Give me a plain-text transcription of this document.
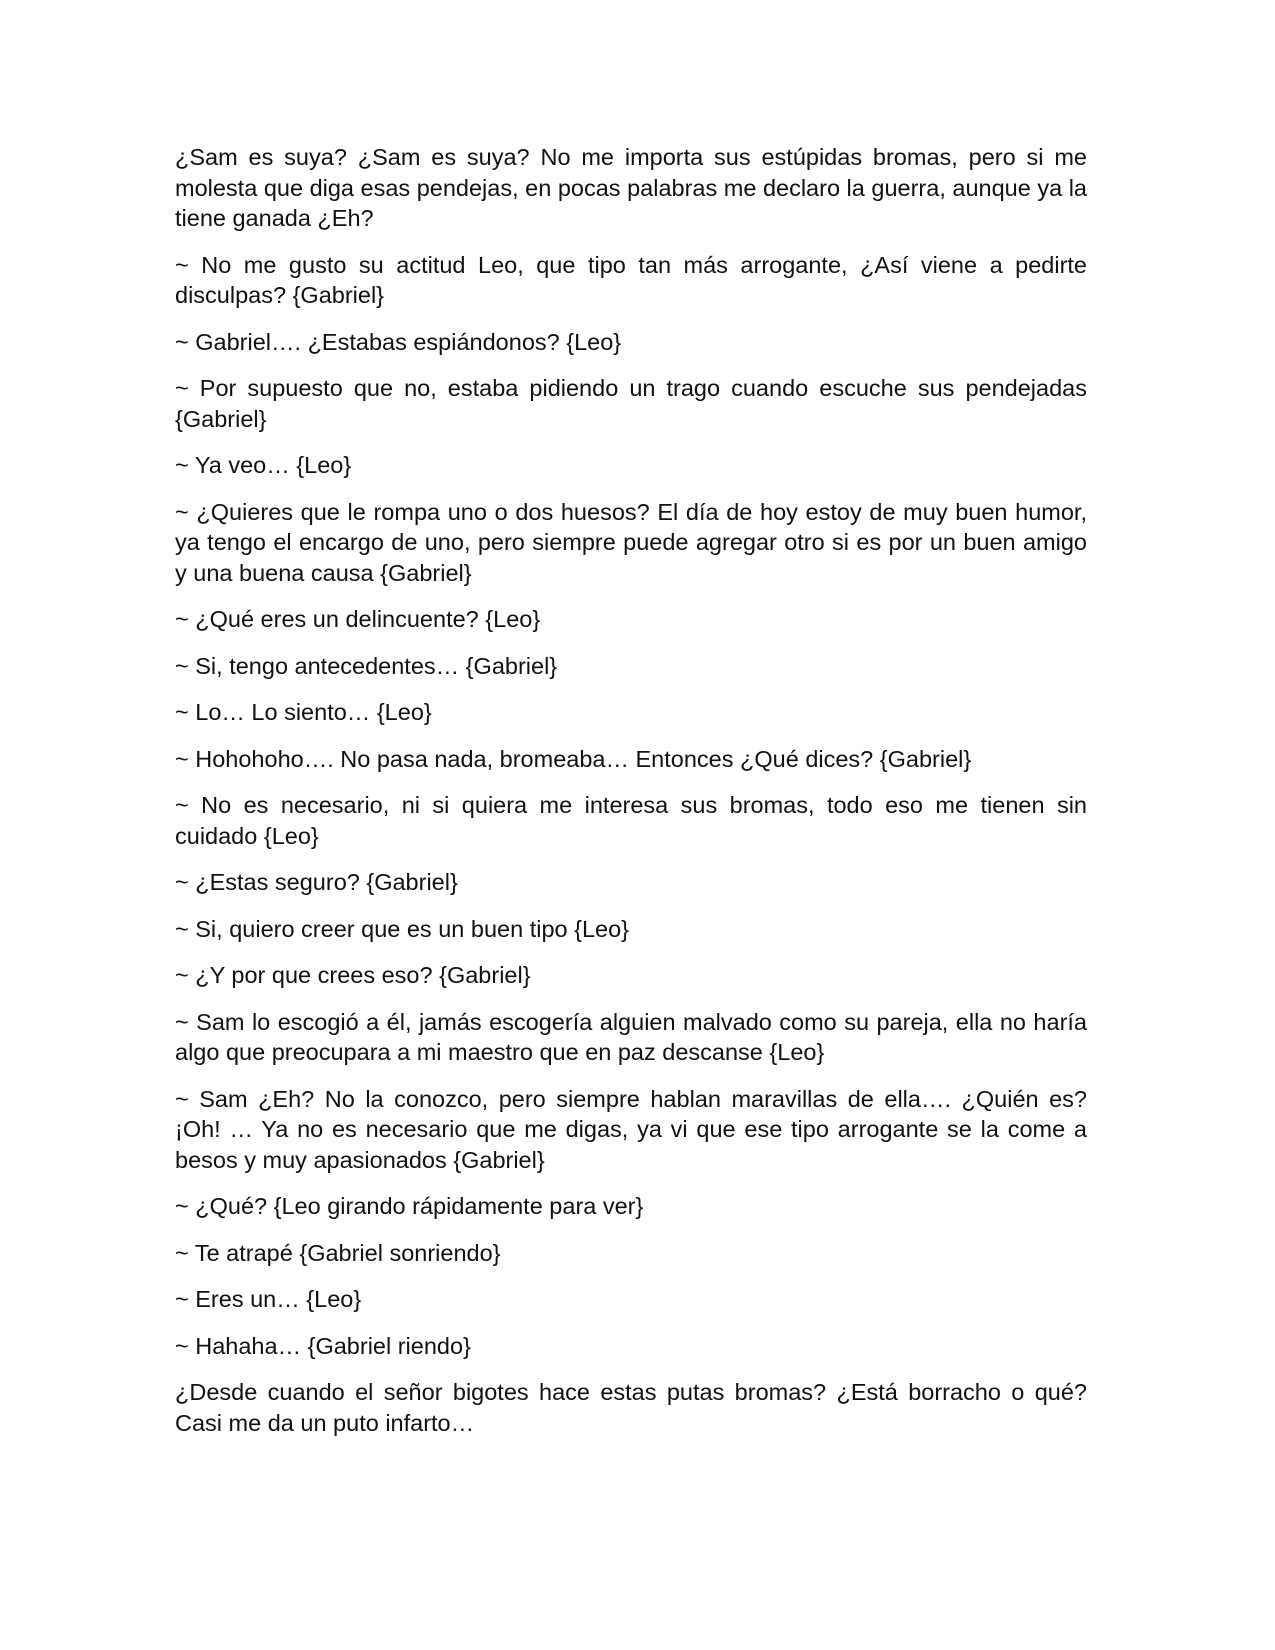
¿Sam es suya? ¿Sam es suya? No me importa sus estúpidas bromas, pero si me molesta que diga esas pendejas, en pocas palabras me declaro la guerra, aunque ya la tiene ganada ¿Eh?

~ No me gusto su actitud Leo, que tipo tan más arrogante, ¿Así viene a pedirte disculpas? {Gabriel}

~ Gabriel…. ¿Estabas espiándonos? {Leo}

~ Por supuesto que no, estaba pidiendo un trago cuando escuche sus pendejadas {Gabriel}

~ Ya veo… {Leo}

~ ¿Quieres que le rompa uno o dos huesos? El día de hoy estoy de muy buen humor, ya tengo el encargo de uno, pero siempre puede agregar otro si es por un buen amigo y una buena causa {Gabriel}

~ ¿Qué eres un delincuente? {Leo}

~ Si, tengo antecedentes… {Gabriel}

~ Lo… Lo siento… {Leo}

~ Hohohoho…. No pasa nada, bromeaba… Entonces ¿Qué dices? {Gabriel}

~ No es necesario, ni si quiera me interesa sus bromas, todo eso me tienen sin cuidado {Leo}

~ ¿Estas seguro? {Gabriel}

~ Si, quiero creer que es un buen tipo {Leo}

~ ¿Y por que crees eso? {Gabriel}

~ Sam lo escogió a él, jamás escogería alguien malvado como su pareja, ella no haría algo que preocupara a mi maestro que en paz descanse {Leo}

~ Sam ¿Eh? No la conozco, pero siempre hablan maravillas de ella…. ¿Quién es? ¡Oh! … Ya no es necesario que me digas, ya vi que ese tipo arrogante se la come a besos y muy apasionados {Gabriel}

~ ¿Qué? {Leo girando rápidamente para ver}

~ Te atrapé {Gabriel sonriendo}

~ Eres un… {Leo}

~ Hahaha… {Gabriel riendo}

¿Desde cuando el señor bigotes hace estas putas bromas? ¿Está borracho o qué? Casi me da un puto infarto…
